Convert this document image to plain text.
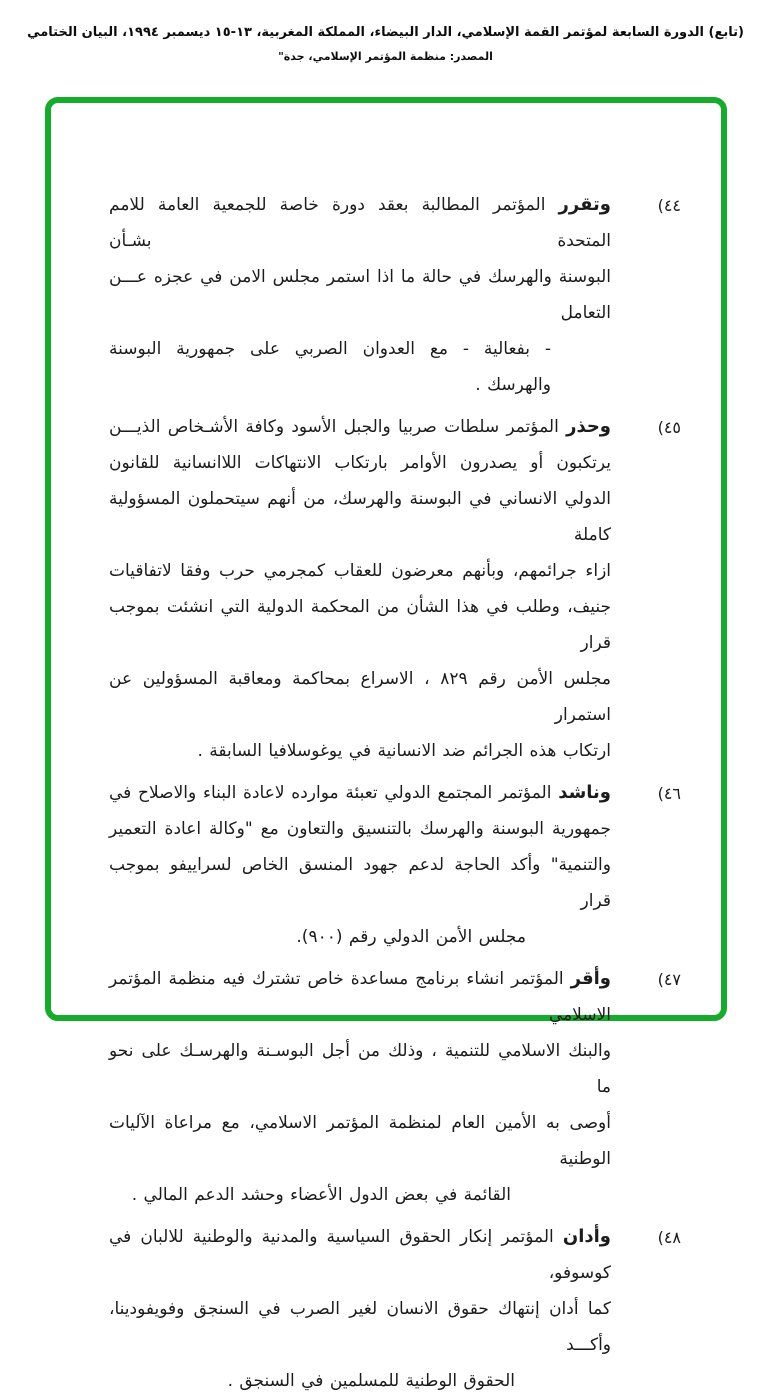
(تابع) الدورة السابعة لمؤتمر القمة الإسلامي، الدار البيضاء، المملكة المغربية، ١٣-١٥ ديسمبر ١٩٩٤، البيان الختامي
المصدر: منظمة المؤتمر الإسلامي، جدة"
٤٤)
وتقرر المؤتمر المطالبة بعقد دورة خاصة للجمعية العامة للامم المتحدة بشـأن
البوسنة والهرسك في حالة ما اذا استمر مجلس الامن في عجزه عـــن التعامل
- بفعالية - مع العدوان الصربي على جمهورية البوسنة والهرسك .
٤٥)
وحذر المؤتمر سلطات صربيا والجبل الأسود وكافة الأشـخاص الذيـــن
يرتكبون أو يصدرون الأوامر بارتكاب الانتهاكات اللاانسانية للقانون
الدولي الانساني في البوسنة والهرسك، من أنهم سيتحملون المسؤولية كاملة
ازاء جرائمهم، وبأنهم معرضون للعقاب كمجرمي حرب وفقا لاتفاقيات
جنيف، وطلب في هذا الشأن من المحكمة الدولية التي انشئت بموجب قرار
مجلس الأمن رقم ٨٢٩ ، الاسراع بمحاكمة ومعاقبة المسؤولين عن استمرار
ارتكاب هذه الجرائم ضد الانسانية في يوغوسلافيا السابقة .
٤٦)
وناشد المؤتمر المجتمع الدولي تعبئة موارده لاعادة البناء والاصلاح في
جمهورية البوسنة والهرسك بالتنسيق والتعاون مع "وكالة اعادة التعمير
والتنمية" وأكد الحاجة لدعم جهود المنسق الخاص لسراييفو بموجب قرار
مجلس الأمن الدولي رقم (٩٠٠).
٤٧)
وأقر المؤتمر انشاء برنامج مساعدة خاص تشترك فيه منظمة المؤتمر الاسلامي
والبنك الاسلامي للتنمية ، وذلك من أجل البوسـنة والهرسـك على نحو ما
أوصى به الأمين العام لمنظمة المؤتمر الاسلامي، مع مراعاة الآليات الوطنية
القائمة في بعض الدول الأعضاء وحشد الدعم المالي .
٤٨)
وأدان المؤتمر إنكار الحقوق السياسية والمدنية والوطنية للالبان في كوسوفو،
كما أدان إنتهاك حقوق الانسان لغير الصرب في السنجق وفويفودينا، وأكـــد
الحقوق الوطنية للمسلمين في السنجق .
